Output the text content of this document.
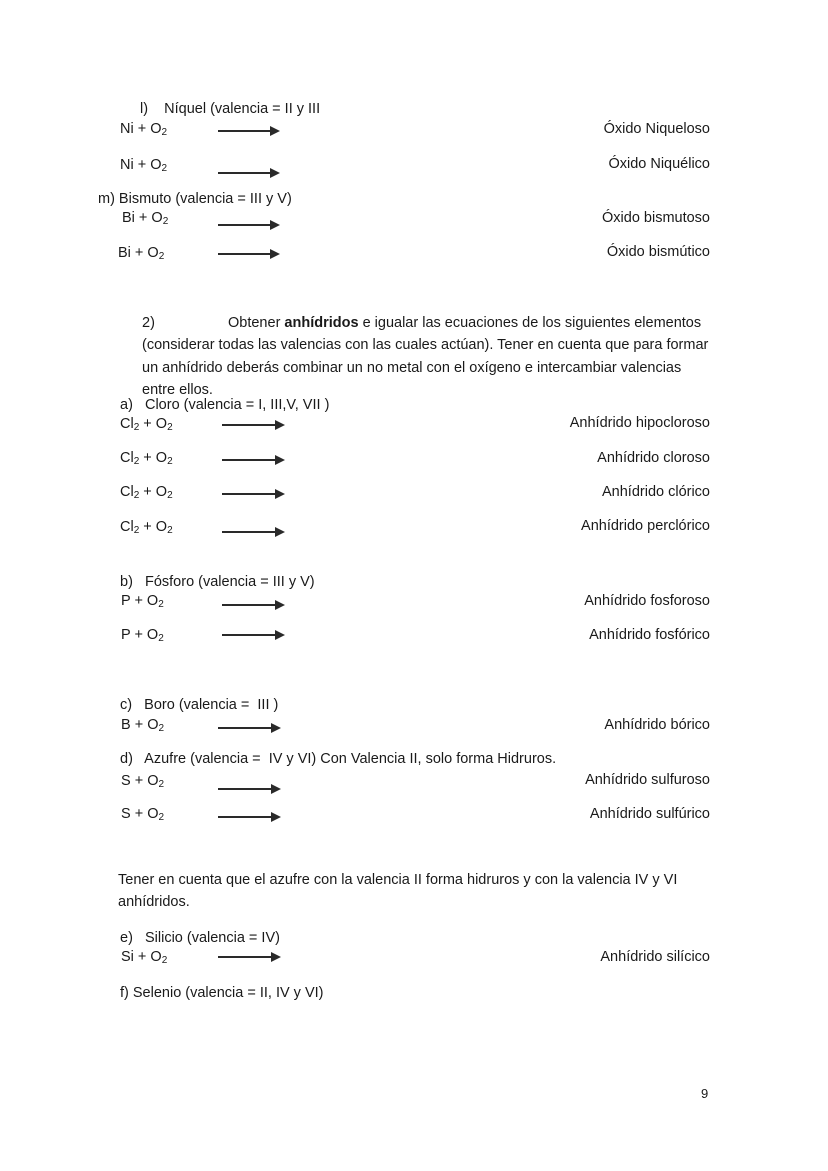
l)    Níquel (valencia = II y III
$Ni + O_2$	Óxido Niqueloso
$Ni + O_2$	Óxido Niquélico
m) Bismuto (valencia = III y V)
$Bi + O_2$	Óxido bismutoso
$Bi + O_2$	Óxido bismútico
2)	Obtener anhídridos e igualar las ecuaciones de los siguientes elementos (considerar todas las valencias con las cuales actúan). Tener en cuenta que para formar un anhídrido deberás combinar un no metal con el oxígeno e intercambiar valencias entre ellos.
a)   Cloro (valencia = I, III,V, VII )
$Cl_2 + O_2$	Anhídrido hipocloroso
$Cl_2 + O_2$	Anhídrido cloroso
$Cl_2 + O_2$	Anhídrido clórico
$Cl_2 + O_2$	Anhídrido perclórico
b)   Fósforo (valencia = III y V)
$P + O_2$	Anhídrido fosforoso
$P + O_2$	Anhídrido fosfórico
c)   Boro (valencia =  III )
$B + O_2$	Anhídrido bórico
d)   Azufre (valencia =  IV y VI) Con Valencia II, solo forma Hidruros.
$S + O_2$	Anhídrido sulfuroso
$S + O_2$	Anhídrido sulfúrico
Tener en cuenta que el azufre con la valencia II forma hidruros y con la valencia IV y VI anhídridos.
e)   Silicio (valencia = IV)
$Si + O_2$	Anhídrido silícico
f) Selenio (valencia = II, IV y VI)
9
